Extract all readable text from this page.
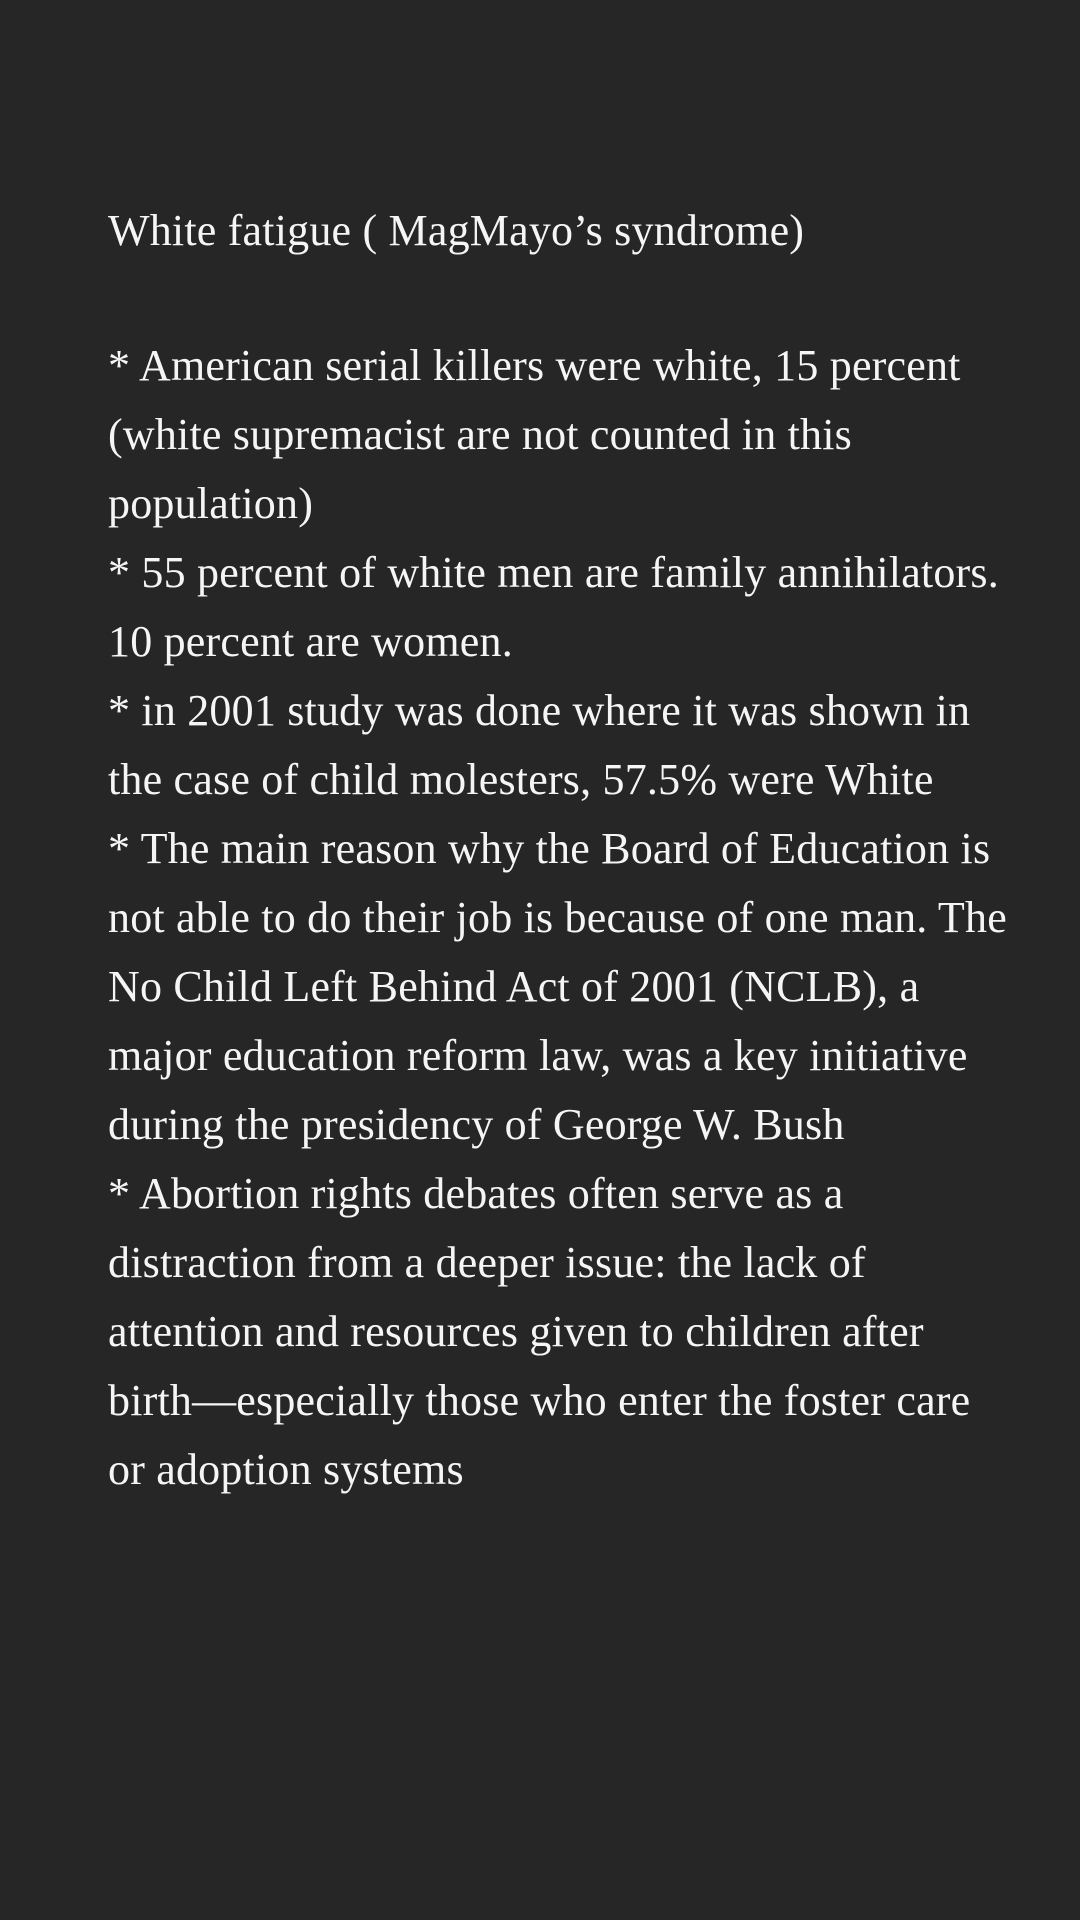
White fatigue ( MagMayo’s syndrome)

* American serial killers were white, 15 percent (white supremacist are not counted in this population)

* 55 percent of white men are family annihilators. 10 percent are women.

* in 2001 study was done where it was shown in the case of child molesters, 57.5% were White

* The main reason why the Board of Education is not able to do their job is because of one man. The No Child Left Behind Act of 2001 (NCLB), a major education reform law, was a key initiative during the presidency of George W. Bush

* Abortion rights debates often serve as a distraction from a deeper issue: the lack of attention and resources given to children after birth—especially those who enter the foster care or adoption systems
